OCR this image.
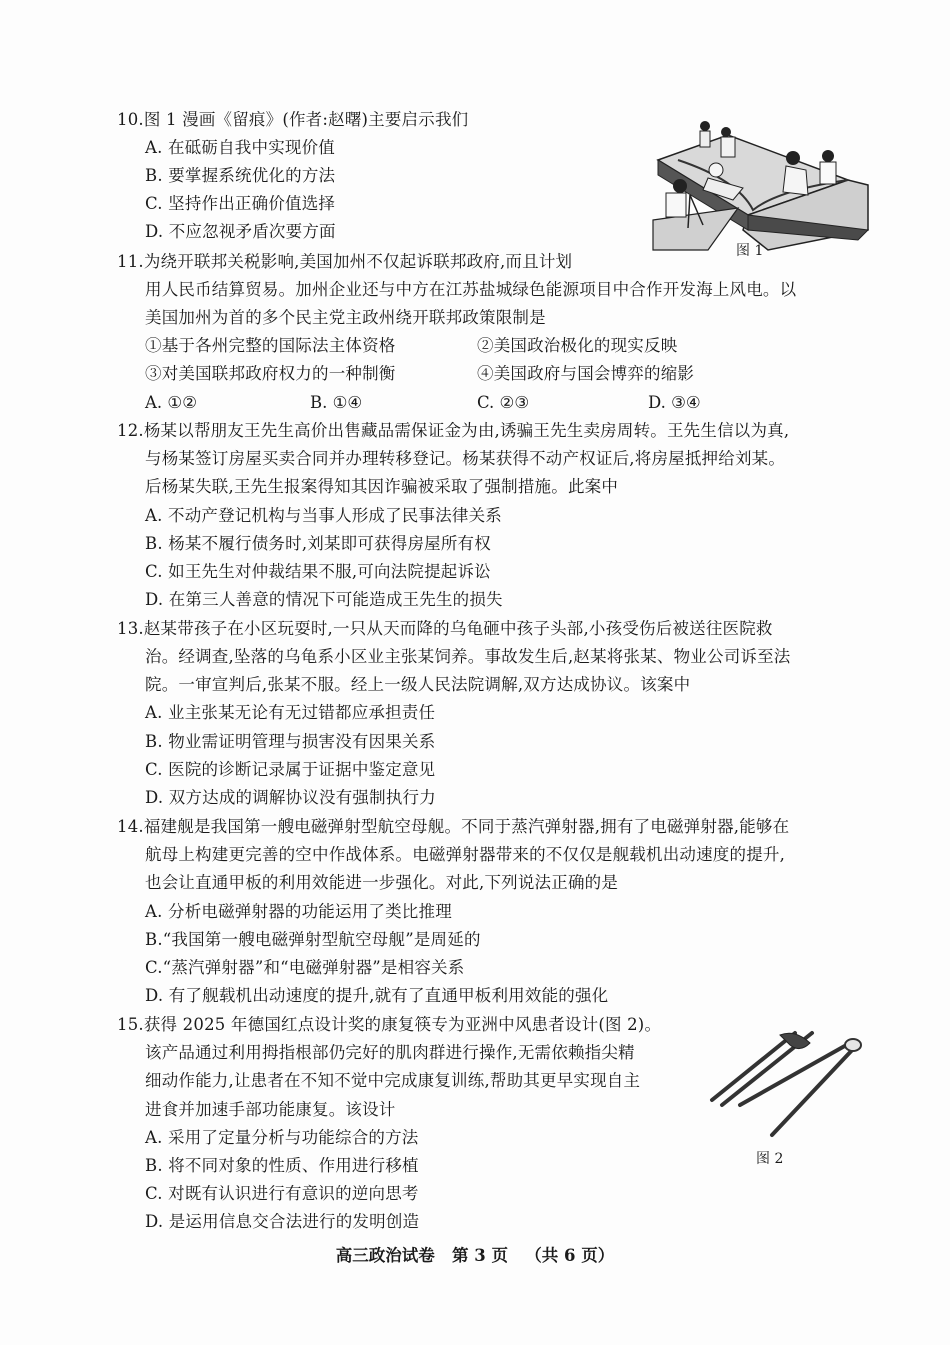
10.图 1 漫画《留痕》(作者:赵曙)主要启示我们
A. 在砥砺自我中实现价值
B. 要掌握系统优化的方法
C. 坚持作出正确价值选择
D. 不应忽视矛盾次要方面
图 1
11.为绕开联邦关税影响,美国加州不仅起诉联邦政府,而且计划
用人民币结算贸易。加州企业还与中方在江苏盐城绿色能源项目中合作开发海上风电。以
美国加州为首的多个民主党主政州绕开联邦政策限制是
①基于各州完整的国际法主体资格	②美国政治极化的现实反映
③对美国联邦政府权力的一种制衡	④美国政府与国会博弈的缩影
A. ①②	B. ①④	C. ②③	D. ③④
12.杨某以帮朋友王先生高价出售藏品需保证金为由,诱骗王先生卖房周转。王先生信以为真,
与杨某签订房屋买卖合同并办理转移登记。杨某获得不动产权证后,将房屋抵押给刘某。
后杨某失联,王先生报案得知其因诈骗被采取了强制措施。此案中
A. 不动产登记机构与当事人形成了民事法律关系
B. 杨某不履行债务时,刘某即可获得房屋所有权
C. 如王先生对仲裁结果不服,可向法院提起诉讼
D. 在第三人善意的情况下可能造成王先生的损失
13.赵某带孩子在小区玩耍时,一只从天而降的乌龟砸中孩子头部,小孩受伤后被送往医院救
治。经调查,坠落的乌龟系小区业主张某饲养。事故发生后,赵某将张某、物业公司诉至法
院。一审宣判后,张某不服。经上一级人民法院调解,双方达成协议。该案中
A. 业主张某无论有无过错都应承担责任
B. 物业需证明管理与损害没有因果关系
C. 医院的诊断记录属于证据中鉴定意见
D. 双方达成的调解协议没有强制执行力
14.福建舰是我国第一艘电磁弹射型航空母舰。不同于蒸汽弹射器,拥有了电磁弹射器,能够在
航母上构建更完善的空中作战体系。电磁弹射器带来的不仅仅是舰载机出动速度的提升,
也会让直通甲板的利用效能进一步强化。对此,下列说法正确的是
A. 分析电磁弹射器的功能运用了类比推理
B.“我国第一艘电磁弹射型航空母舰”是周延的
C.“蒸汽弹射器”和“电磁弹射器”是相容关系
D. 有了舰载机出动速度的提升,就有了直通甲板利用效能的强化
15.获得 2025 年德国红点设计奖的康复筷专为亚洲中风患者设计(图 2)。
该产品通过利用拇指根部仍完好的肌肉群进行操作,无需依赖指尖精
细动作能力,让患者在不知不觉中完成康复训练,帮助其更早实现自主
进食并加速手部功能康复。该设计
A. 采用了定量分析与功能综合的方法
B. 将不同对象的性质、作用进行移植
C. 对既有认识进行有意识的逆向思考
D. 是运用信息交合法进行的发明创造
图 2
高三政治试卷   第 3 页   （共 6 页）
